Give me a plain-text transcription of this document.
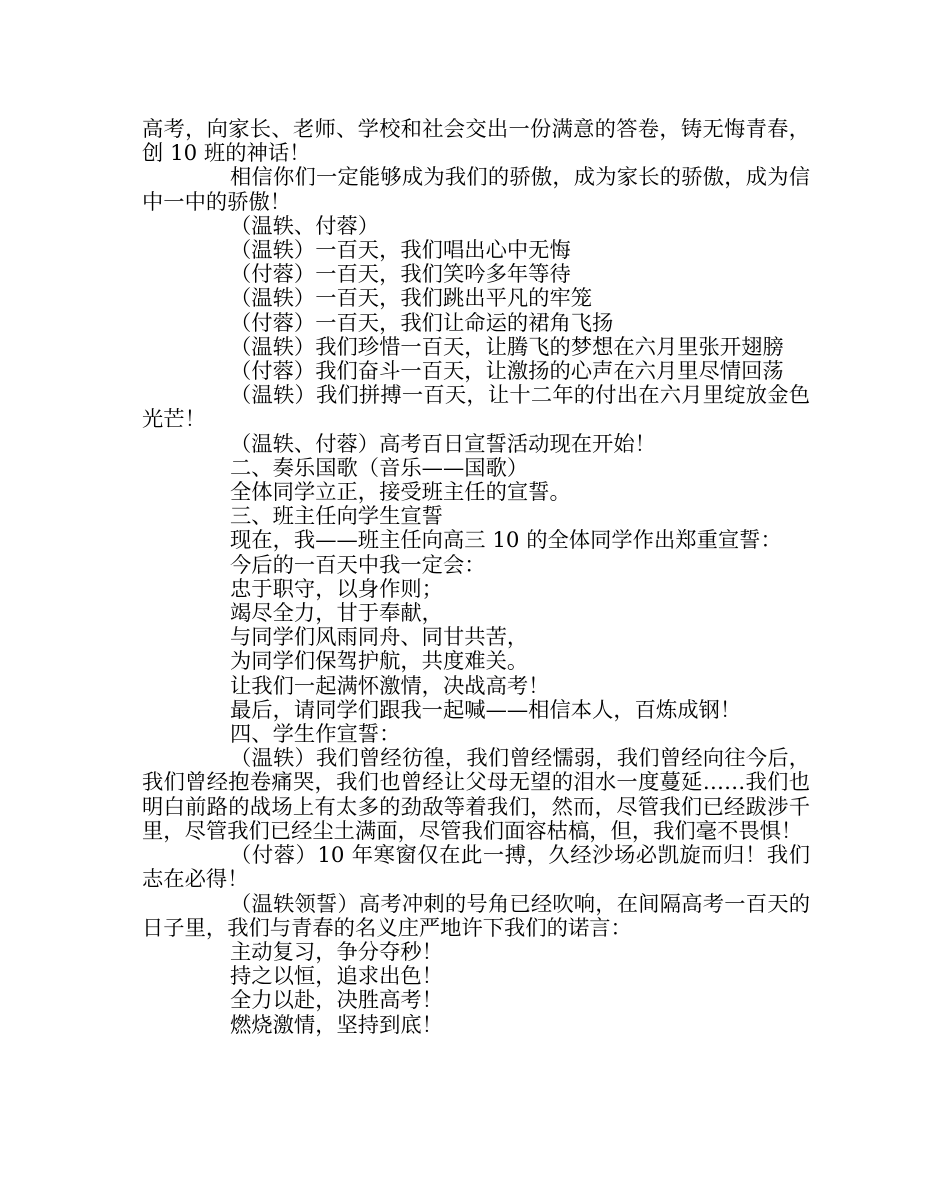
高考，向家长、老师、学校和社会交出一份满意的答卷，铸无悔青春，创 10 班的神话！

相信你们一定能够成为我们的骄傲，成为家长的骄傲，成为信中一中的骄傲！

（温轶、付蓉）

（温轶）一百天，我们唱出心中无悔

（付蓉）一百天，我们笑吟多年等待

（温轶）一百天，我们跳出平凡的牢笼

（付蓉）一百天，我们让命运的裙角飞扬

（温轶）我们珍惜一百天，让腾飞的梦想在六月里张开翅膀

（付蓉）我们奋斗一百天，让激扬的心声在六月里尽情回荡

（温轶）我们拼搏一百天，让十二年的付出在六月里绽放金色光芒！

（温轶、付蓉）高考百日宣誓活动现在开始！

二、奏乐国歌（音乐——国歌）

全体同学立正，接受班主任的宣誓。

三、班主任向学生宣誓

现在，我——班主任向高三 10 的全体同学作出郑重宣誓：

今后的一百天中我一定会：

忠于职守，以身作则；

竭尽全力，甘于奉献，

与同学们风雨同舟、同甘共苦，

为同学们保驾护航，共度难关。

让我们一起满怀激情，决战高考！

最后，请同学们跟我一起喊——相信本人，百炼成钢！

四、学生作宣誓：

（温轶）我们曾经彷徨，我们曾经懦弱，我们曾经向往今后，我们曾经抱卷痛哭，我们也曾经让父母无望的泪水一度蔓延……我们也明白前路的战场上有太多的劲敌等着我们，然而，尽管我们已经跋涉千里，尽管我们已经尘土满面，尽管我们面容枯槁，但，我们毫不畏惧！

（付蓉）10 年寒窗仅在此一搏，久经沙场必凯旋而归！我们志在必得！

（温轶领誓）高考冲刺的号角已经吹响，在间隔高考一百天的日子里，我们与青春的名义庄严地许下我们的诺言：

主动复习，争分夺秒！

持之以恒，追求出色！

全力以赴，决胜高考！

燃烧激情，坚持到底！
